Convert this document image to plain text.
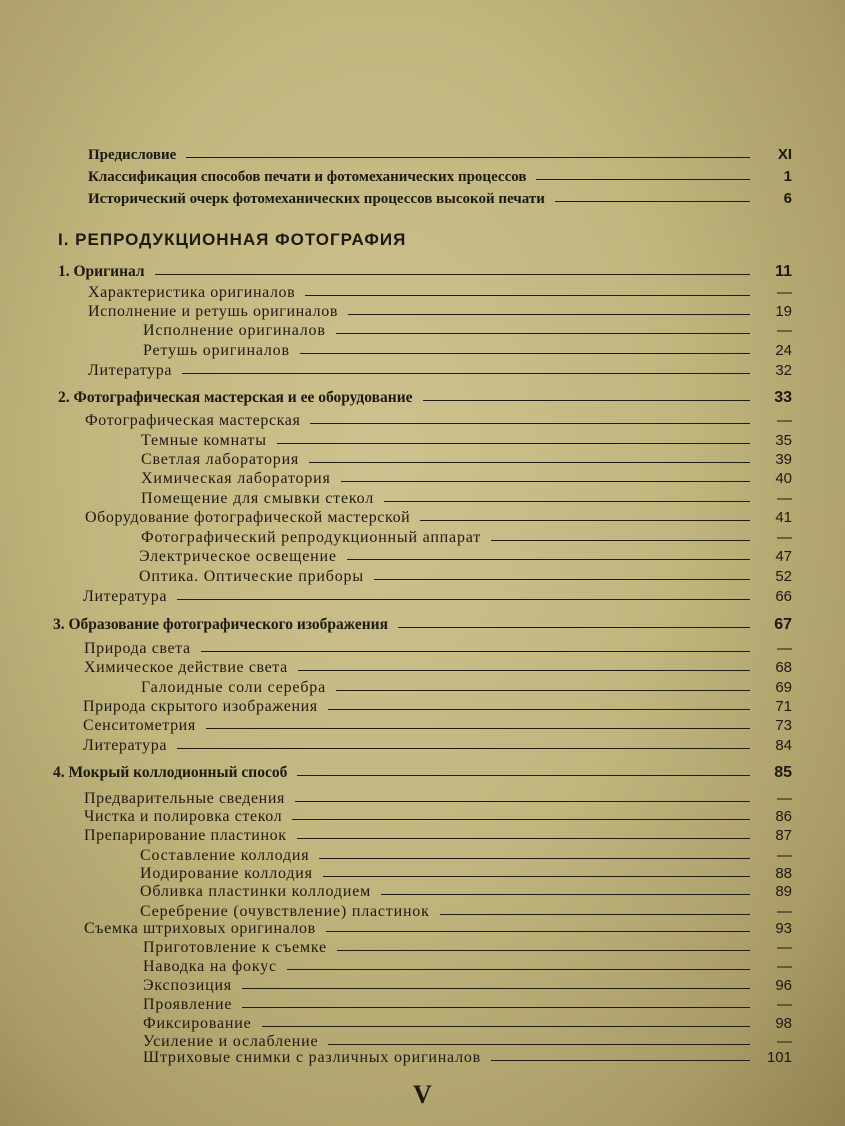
Предисловие	XI
Классификация способов печати и фотомеханических процессов	1
Исторический очерк фотомеханических процессов высокой печати	6
I. РЕПРОДУКЦИОННАЯ ФОТОГРАФИЯ
1. Оригинал	11
Характеристика оригиналов	—
Исполнение и ретушь оригиналов	19
Исполнение оригиналов	—
Ретушь оригиналов	24
Литература	32
2. Фотографическая мастерская и ее оборудование	33
Фотографическая мастерская	—
Темные комнаты	35
Светлая лаборатория	39
Химическая лаборатория	40
Помещение для смывки стекол	—
Оборудование фотографической мастерской	41
Фотографический репродукционный аппарат	—
Электрическое освещение	47
Оптика. Оптические приборы	52
Литература	66
3. Образование фотографического изображения	67
Природа света	—
Химическое действие света	68
Галоидные соли серебра	69
Природа скрытого изображения	71
Сенситометрия	73
Литература	84
4. Мокрый коллодионный способ	85
Предварительные сведения	—
Чистка и полировка стекол	86
Препарирование пластинок	87
Составление коллодия	—
Иодирование коллодия	88
Обливка пластинки коллодием	89
Серебрение (очувствление) пластинок	—
Съемка штриховых оригиналов	93
Приготовление к съемке	—
Наводка на фокус	—
Экспозиция	96
Проявление	—
Фиксирование	98
Усиление и ослабление	—
Штриховые снимки с различных оригиналов	101
V
